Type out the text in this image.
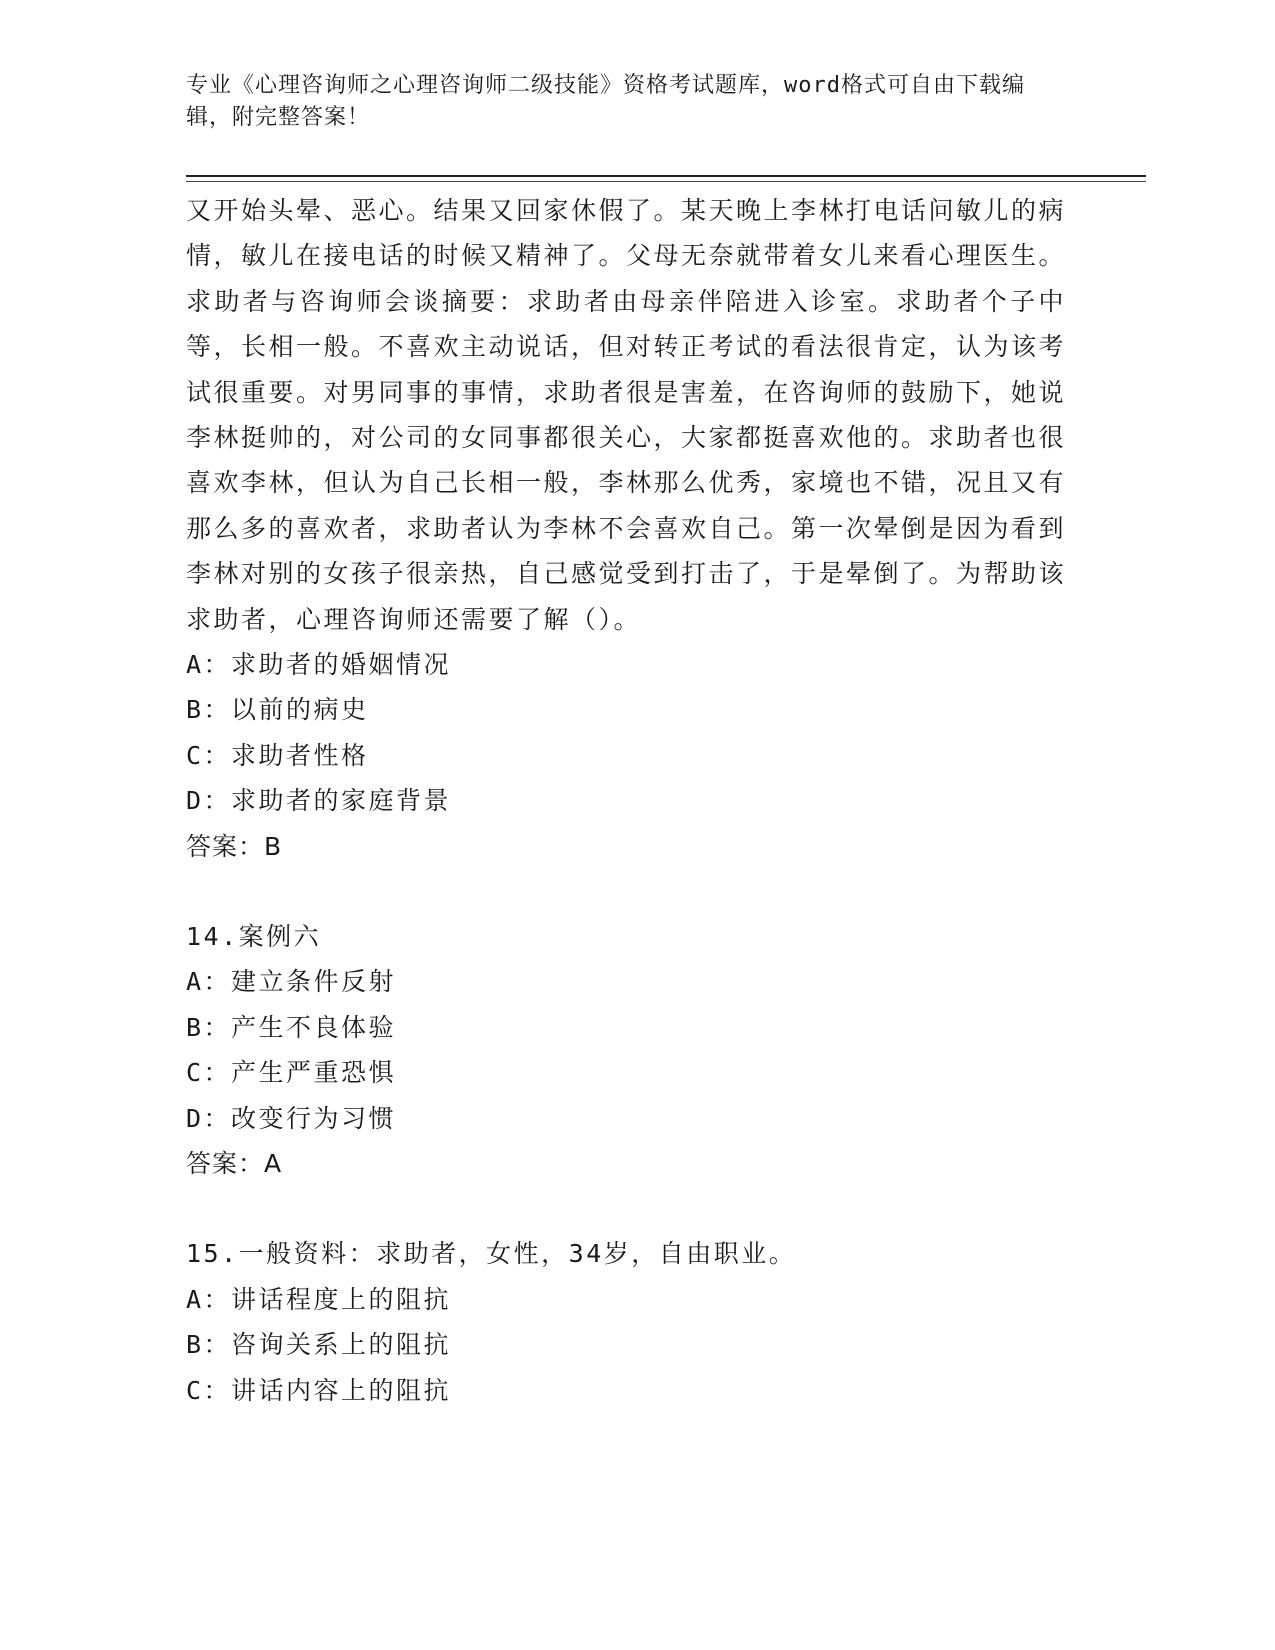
专业《心理咨询师之心理咨询师二级技能》资格考试题库，word格式可自由下载编辑，附完整答案！

又开始头晕、恶心。结果又回家休假了。某天晚上李林打电话问敏儿的病情，敏儿在接电话的时候又精神了。父母无奈就带着女儿来看心理医生。求助者与咨询师会谈摘要：求助者由母亲伴陪进入诊室。求助者个子中等，长相一般。不喜欢主动说话，但对转正考试的看法很肯定，认为该考试很重要。对男同事的事情，求助者很是害羞，在咨询师的鼓励下，她说李林挺帅的，对公司的女同事都很关心，大家都挺喜欢他的。求助者也很喜欢李林，但认为自己长相一般，李林那么优秀，家境也不错，况且又有那么多的喜欢者，求助者认为李林不会喜欢自己。第一次晕倒是因为看到李林对别的女孩子很亲热，自己感觉受到打击了，于是晕倒了。为帮助该求助者，心理咨询师还需要了解（）。

A：求助者的婚姻情况
B：以前的病史
C：求助者性格
D：求助者的家庭背景
答案：B
14.案例六
A：建立条件反射
B：产生不良体验
C：产生严重恐惧
D：改变行为习惯
答案：A
15.一般资料：求助者，女性，34岁，自由职业。
A：讲话程度上的阻抗
B：咨询关系上的阻抗
C：讲话内容上的阻抗
